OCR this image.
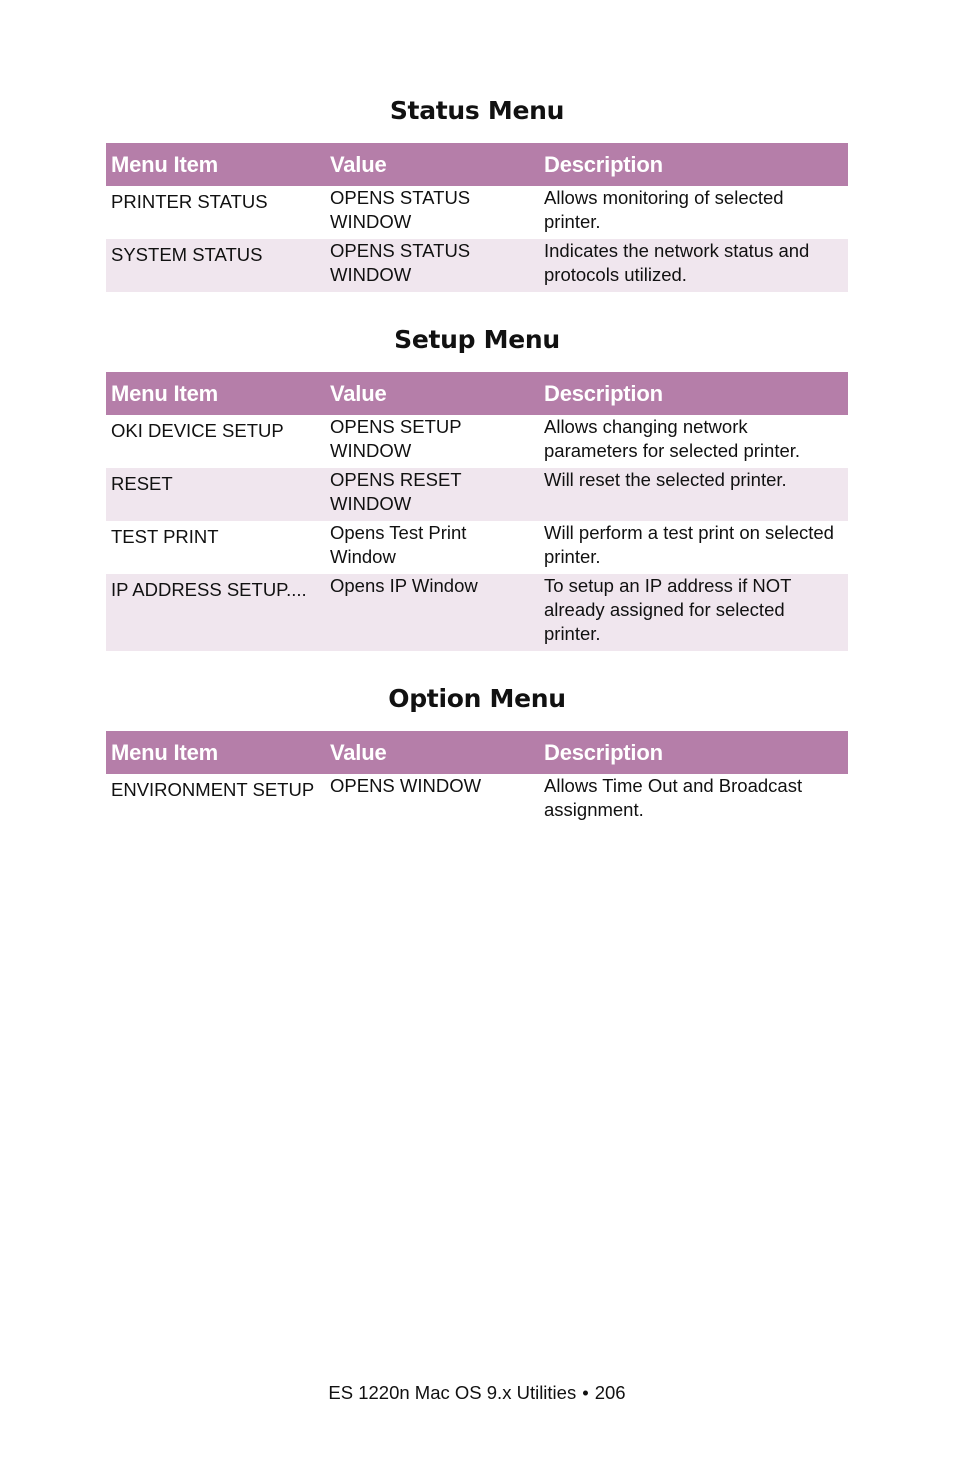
Status Menu
Menu Item	Value	Description
PRINTER STATUS	OPENS STATUS WINDOW	Allows monitoring of selected printer.
SYSTEM STATUS	OPENS STATUS WINDOW	Indicates the network status and protocols utilized.
Setup Menu
Menu Item	Value	Description
OKI DEVICE SETUP	OPENS SETUP WINDOW	Allows changing network parameters for selected printer.
RESET	OPENS RESET WINDOW	Will reset the selected printer.
TEST PRINT	Opens Test Print Window	Will perform a test print on selected printer.
IP ADDRESS SETUP....	Opens IP Window	To setup an IP address if NOT already assigned for selected printer.
Option Menu
Menu Item	Value	Description
ENVIRONMENT SETUP	OPENS WINDOW	Allows Time Out and Broadcast assignment.
ES 1220n Mac OS 9.x Utilities • 206
